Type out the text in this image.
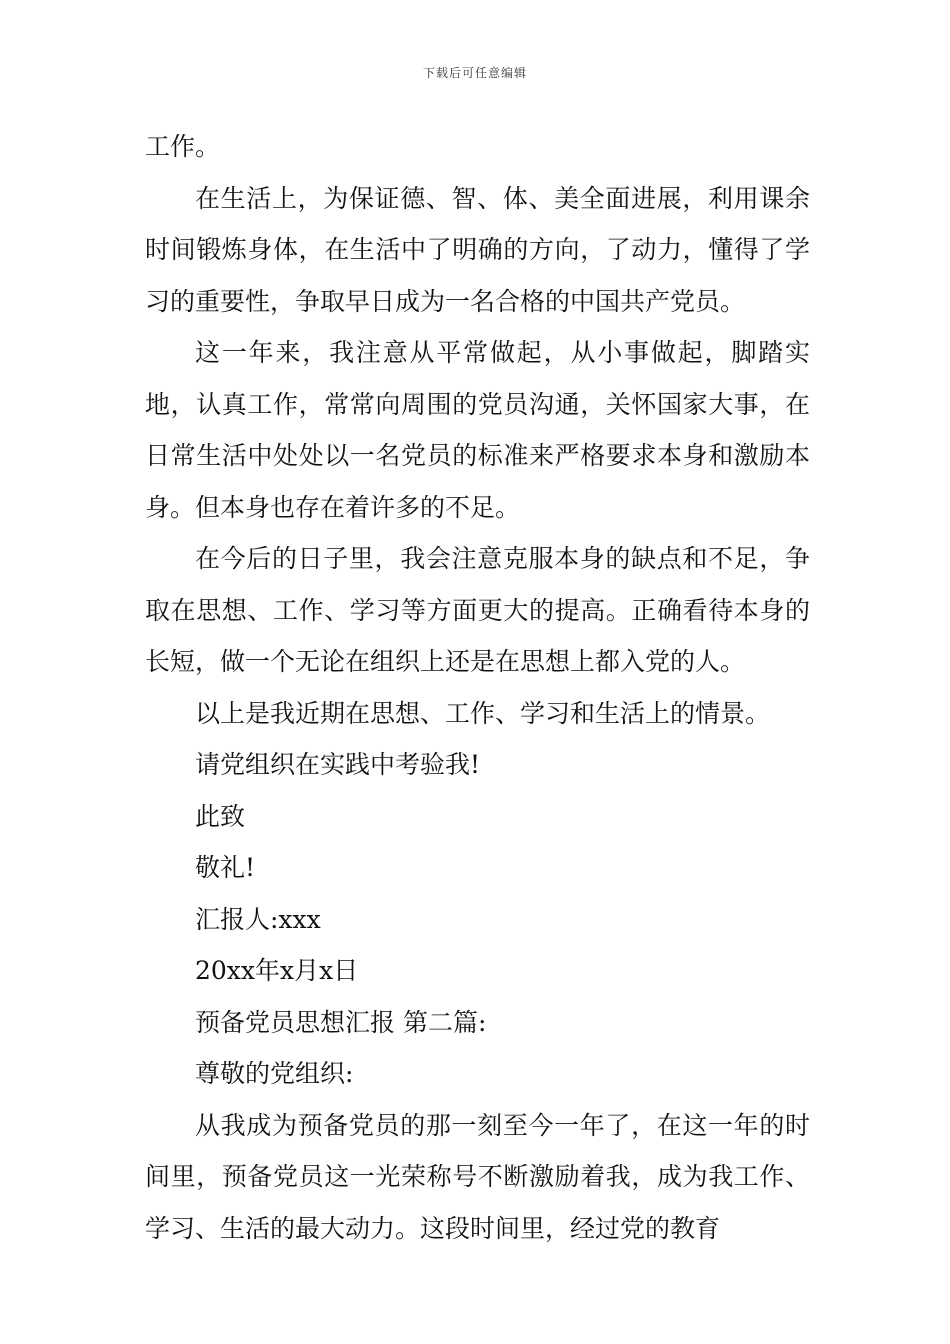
下载后可任意编辑

工作。

在生活上，为保证德、智、体、美全面进展，利用课余时间锻炼身体，在生活中了明确的方向，了动力，懂得了学习的重要性，争取早日成为一名合格的中国共产党员。

这一年来，我注意从平常做起，从小事做起，脚踏实地，认真工作，常常向周围的党员沟通，关怀国家大事，在日常生活中处处以一名党员的标准来严格要求本身和激励本身。但本身也存在着许多的不足。

在今后的日子里，我会注意克服本身的缺点和不足，争取在思想、工作、学习等方面更大的提高。正确看待本身的长短，做一个无论在组织上还是在思想上都入党的人。

以上是我近期在思想、工作、学习和生活上的情景。

请党组织在实践中考验我!

此致

敬礼!

汇报人:xxx

20xx年x月x日

预备党员思想汇报 第二篇:

尊敬的党组织:

从我成为预备党员的那一刻至今一年了，在这一年的时间里，预备党员这一光荣称号不断激励着我，成为我工作、学习、生活的最大动力。这段时间里，经过党的教育
